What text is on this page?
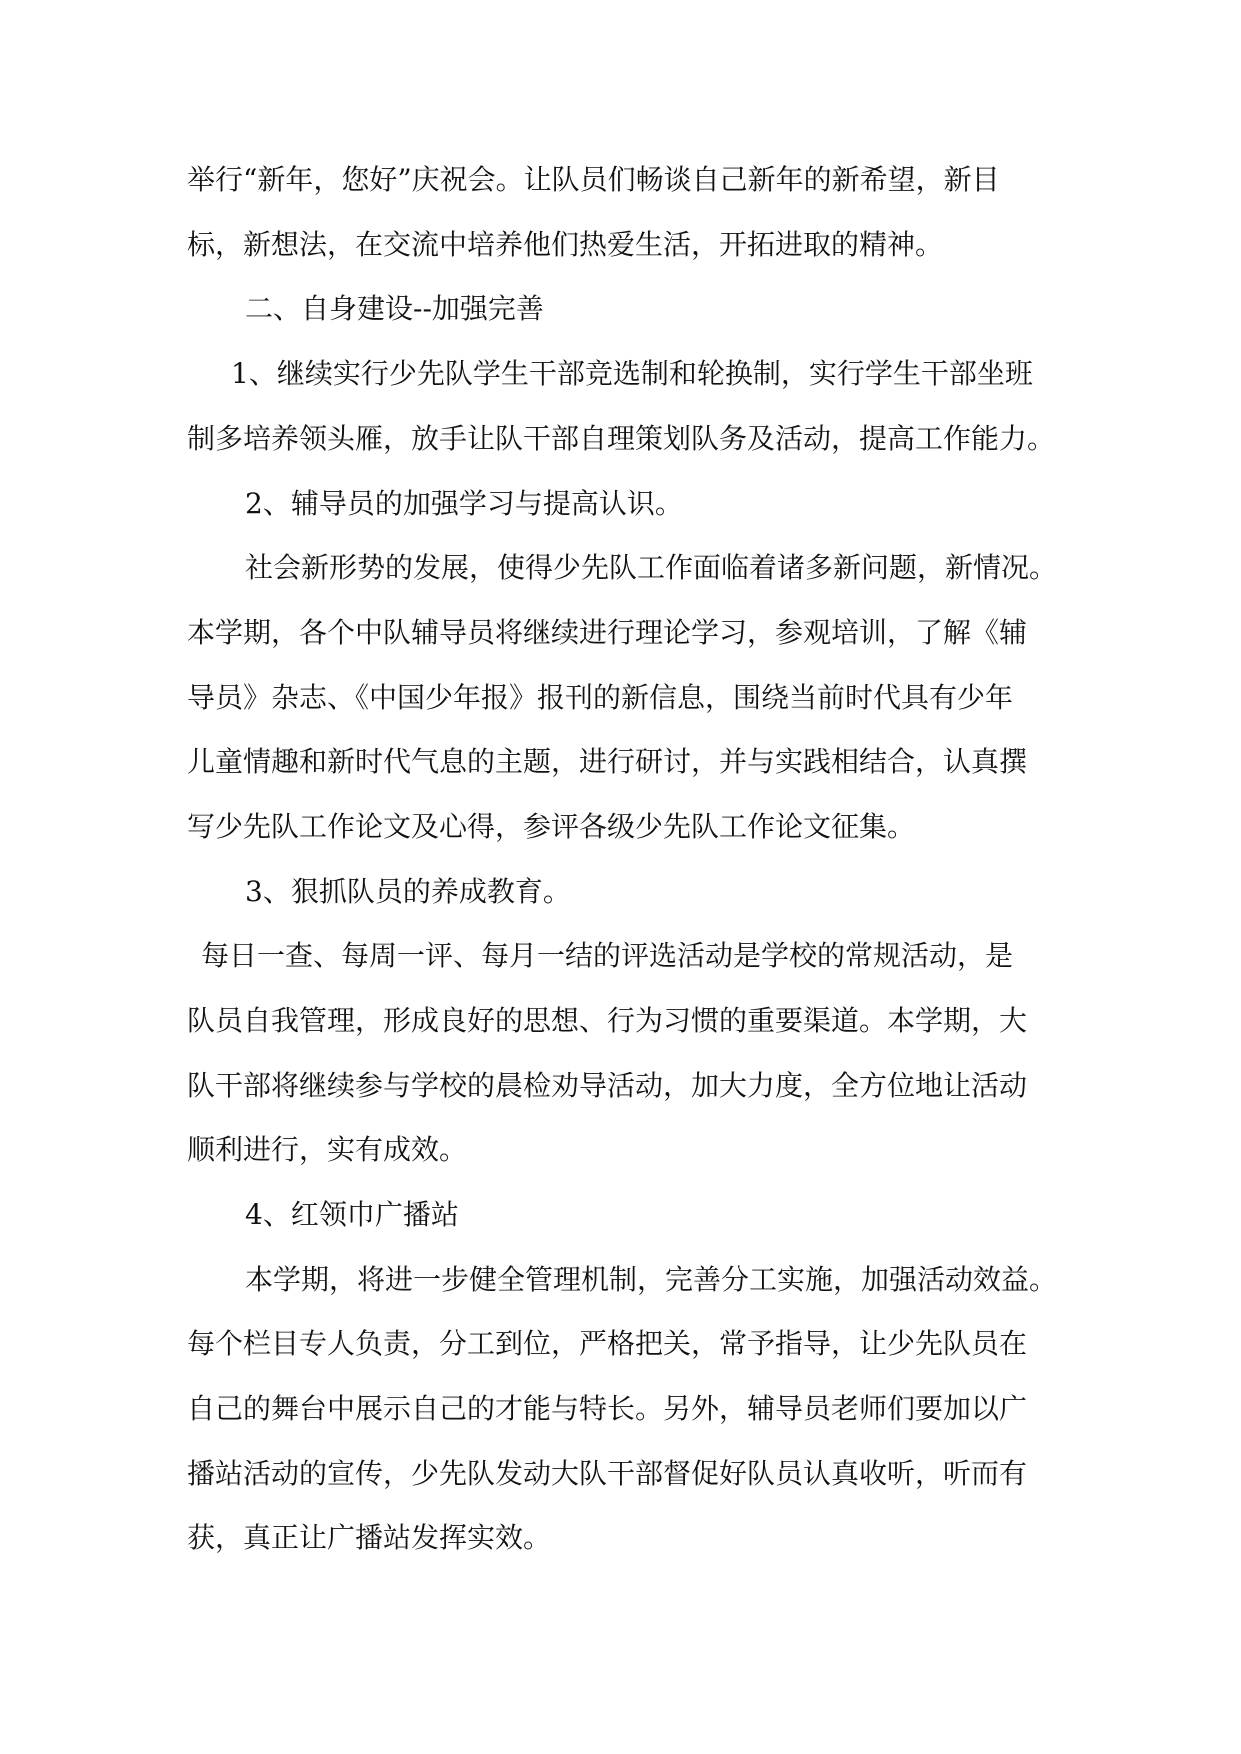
举行“新年，您好”庆祝会。让队员们畅谈自己新年的新希望，新目

标，新想法，在交流中培养他们热爱生活，开拓进取的精神。

二、自身建设--加强完善

1、继续实行少先队学生干部竞选制和轮换制，实行学生干部坐班

制多培养领头雁，放手让队干部自理策划队务及活动，提高工作能力。

2、辅导员的加强学习与提高认识。

社会新形势的发展，使得少先队工作面临着诸多新问题，新情况。

本学期，各个中队辅导员将继续进行理论学习，参观培训，了解《辅

导员》杂志、《中国少年报》报刊的新信息，围绕当前时代具有少年

儿童情趣和新时代气息的主题，进行研讨，并与实践相结合，认真撰

写少先队工作论文及心得，参评各级少先队工作论文征集。

3、狠抓队员的养成教育。

每日一查、每周一评、每月一结的评选活动是学校的常规活动，是

队员自我管理，形成良好的思想、行为习惯的重要渠道。本学期，大

队干部将继续参与学校的晨检劝导活动，加大力度，全方位地让活动

顺利进行，实有成效。

4、红领巾广播站

本学期，将进一步健全管理机制，完善分工实施，加强活动效益。

每个栏目专人负责，分工到位，严格把关，常予指导，让少先队员在

自己的舞台中展示自己的才能与特长。另外，辅导员老师们要加以广

播站活动的宣传，少先队发动大队干部督促好队员认真收听，听而有

获，真正让广播站发挥实效。
